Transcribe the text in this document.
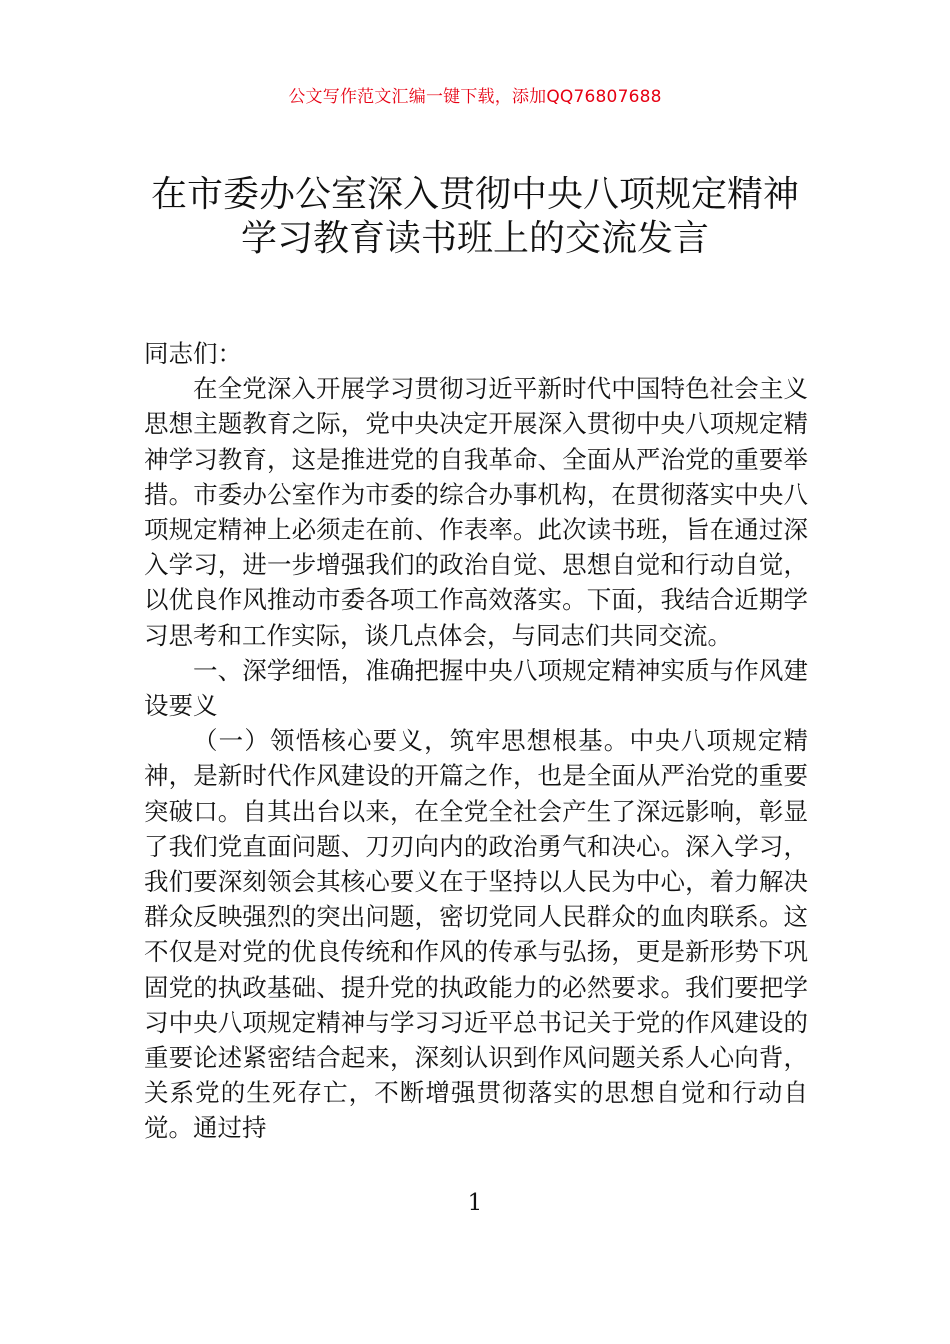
公文写作范文汇编一键下载，添加QQ76807688
在市委办公室深入贯彻中央八项规定精神
学习教育读书班上的交流发言

同志们：

在全党深入开展学习贯彻习近平新时代中国特色社会主义思想主题教育之际，党中央决定开展深入贯彻中央八项规定精神学习教育，这是推进党的自我革命、全面从严治党的重要举措。市委办公室作为市委的综合办事机构，在贯彻落实中央八项规定精神上必须走在前、作表率。此次读书班，旨在通过深入学习，进一步增强我们的政治自觉、思想自觉和行动自觉，以优良作风推动市委各项工作高效落实。下面，我结合近期学习思考和工作实际，谈几点体会，与同志们共同交流。

一、深学细悟，准确把握中央八项规定精神实质与作风建设要义

（一）领悟核心要义，筑牢思想根基。中央八项规定精神，是新时代作风建设的开篇之作，也是全面从严治党的重要突破口。自其出台以来，在全党全社会产生了深远影响，彰显了我们党直面问题、刀刃向内的政治勇气和决心。深入学习，我们要深刻领会其核心要义在于坚持以人民为中心，着力解决群众反映强烈的突出问题，密切党同人民群众的血肉联系。这不仅是对党的优良传统和作风的传承与弘扬，更是新形势下巩固党的执政基础、提升党的执政能力的必然要求。我们要把学习中央八项规定精神与学习习近平总书记关于党的作风建设的重要论述紧密结合起来，深刻认识到作风问题关系人心向背，关系党的生死存亡，不断增强贯彻落实的思想自觉和行动自觉。通过持

1
